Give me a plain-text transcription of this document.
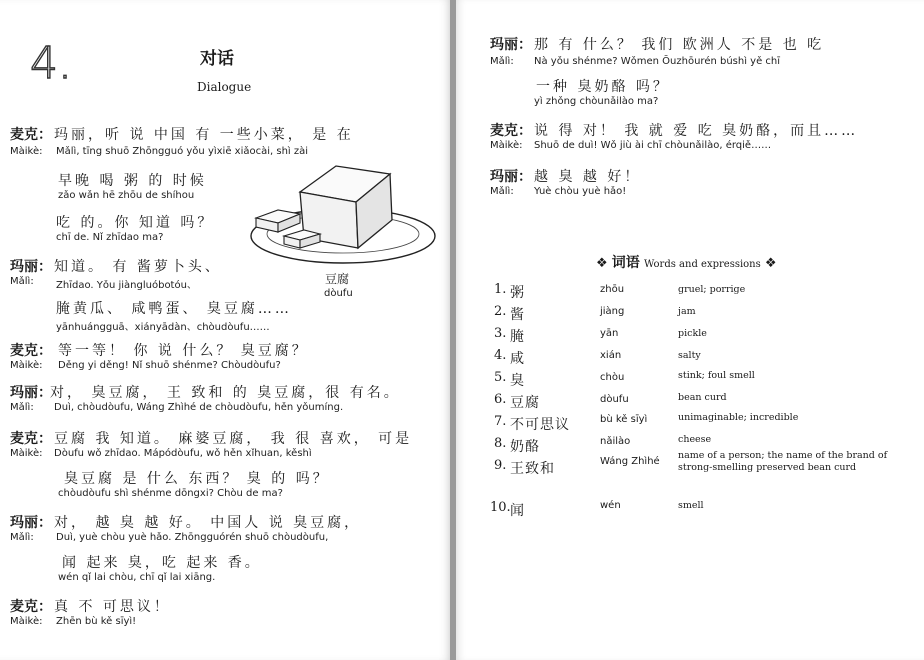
4.	对话
Dialogue
麦克：
Màikè:
玛丽，听 说 中国 有 一些小菜， 是 在
Mǎlì, tīng shuō Zhōngguó yǒu yìxiē xiǎocài, shì zài
早晚 喝 粥 的 时候
zǎo wǎn hē zhōu de shíhou
吃 的。你 知道 吗？
chī de. Nǐ zhīdao ma?
玛丽：
Mǎlì:
知道。 有 酱萝卜头、
Zhīdao. Yǒu jiàngluóbotóu、
腌黄瓜、 咸鸭蛋、 臭豆腐……
yānhuángguā、xiányādàn、chòudòufu……
麦克：
Màikè:
等一等！ 你 说 什么？ 臭豆腐？
Děng yi děng! Nǐ shuō shénme? Chòudòufu?
玛丽：
Mǎlì:
对， 臭豆腐， 王 致和 的 臭豆腐，很 有名。
Duì, chòudòufu, Wáng Zhìhé de chòudòufu, hěn yǒumíng.
麦克：
Màikè:
豆腐 我 知道。 麻婆豆腐， 我 很 喜欢， 可是
Dòufu wǒ zhīdao. Mápódòufu, wǒ hěn xǐhuan, kěshì
臭豆腐 是 什么 东西？ 臭 的 吗？
chòudòufu shì shénme dōngxi? Chòu de ma?
玛丽：
Mǎlì:
对， 越 臭 越 好。 中国人 说 臭豆腐，
Duì, yuè chòu yuè hǎo. Zhōngguórén shuō chòudòufu,
闻 起来 臭，吃 起来 香。
wén qǐ lai chòu, chī qǐ lai xiāng.
麦克：
Màikè:
真 不 可思议！
Zhēn bù kě sīyì!
豆腐
dòufu
玛丽：
Mǎlì:
那 有 什么？ 我们 欧洲人 不是 也 吃
Nà yǒu shénme? Wǒmen Ōuzhōurén búshì yě chī
一种 臭奶酪 吗？
yì zhǒng chòunǎilào ma?
麦克：
Màikè:
说 得 对！ 我 就 爱 吃 臭奶酪，而且……
Shuō de duì! Wǒ jiù ài chī chòunǎilào, érqiě……
玛丽：
Mǎlì:
越 臭 越 好！
Yuè chòu yuè hǎo!
❖ 词语 Words and expressions ❖
1. 粥	zhōu	gruel; porrige
2. 酱	jiàng	jam
3. 腌	yān	pickle
4. 咸	xián	salty
5. 臭	chòu	stink; foul smell
6. 豆腐	dòufu	bean curd
7. 不可思议	bù kě sīyì	unimaginable; incredible
8. 奶酪	nǎilào	cheese
9. 王致和	Wáng Zhìhé
name of a person; the name of the brand of strong-smelling preserved bean curd
10. 闻	wén	smell
